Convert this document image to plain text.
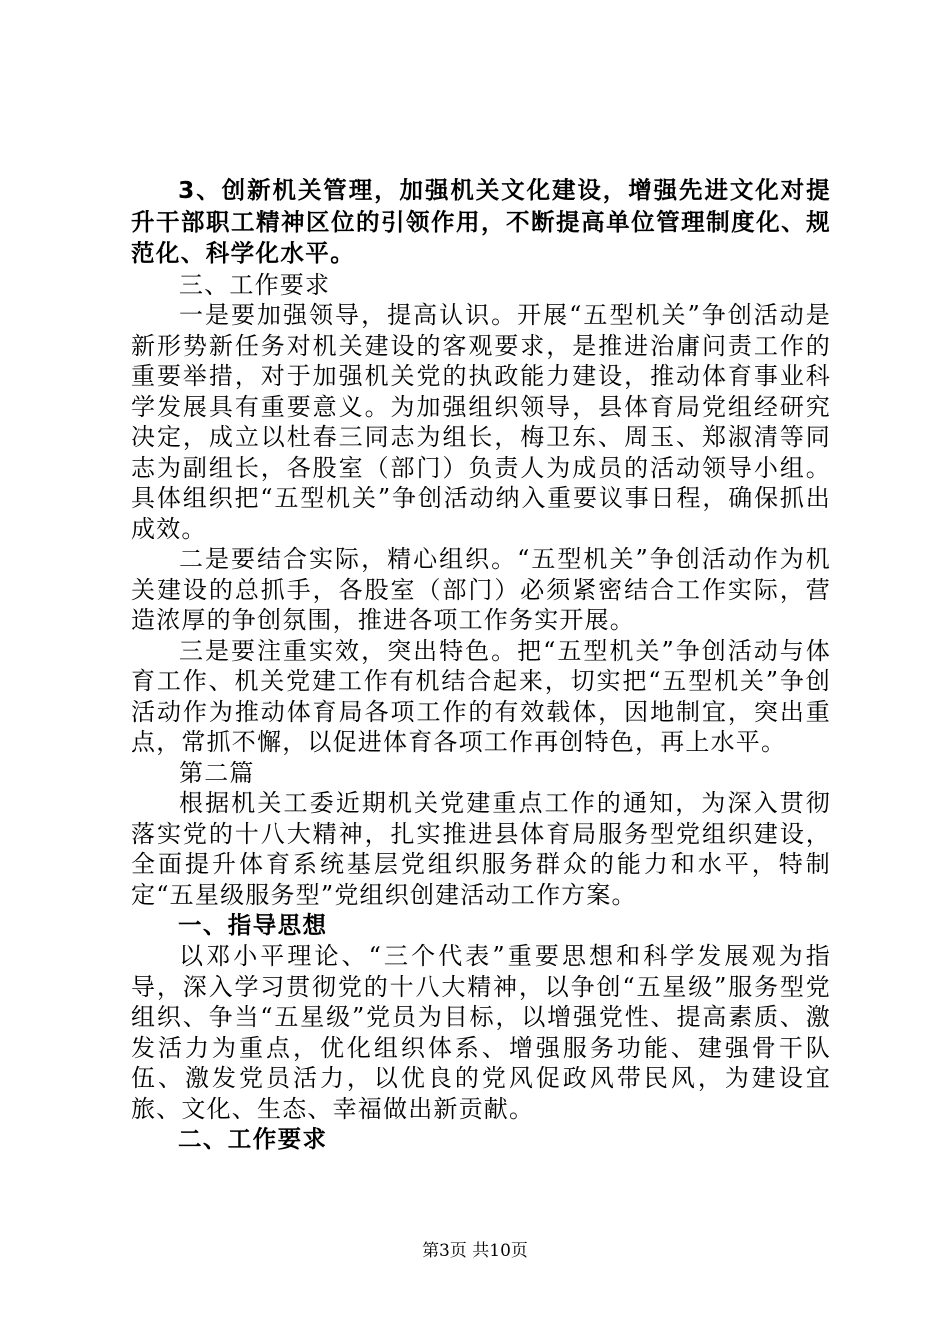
3、创新机关管理，加强机关文化建设，增强先进文化对提升干部职工精神区位的引领作用，不断提高单位管理制度化、规范化、科学化水平。

三、工作要求

一是要加强领导，提高认识。开展“五型机关”争创活动是新形势新任务对机关建设的客观要求，是推进治庸问责工作的重要举措，对于加强机关党的执政能力建设，推动体育事业科学发展具有重要意义。为加强组织领导，县体育局党组经研究决定，成立以杜春三同志为组长，梅卫东、周玉、郑淑清等同志为副组长，各股室（部门）负责人为成员的活动领导小组。具体组织把“五型机关”争创活动纳入重要议事日程，确保抓出成效。

二是要结合实际，精心组织。“五型机关”争创活动作为机关建设的总抓手，各股室（部门）必须紧密结合工作实际，营造浓厚的争创氛围，推进各项工作务实开展。

三是要注重实效，突出特色。把“五型机关”争创活动与体育工作、机关党建工作有机结合起来，切实把“五型机关”争创活动作为推动体育局各项工作的有效载体，因地制宜，突出重点，常抓不懈，以促进体育各项工作再创特色，再上水平。

第二篇

根据机关工委近期机关党建重点工作的通知，为深入贯彻落实党的十八大精神，扎实推进县体育局服务型党组织建设，全面提升体育系统基层党组织服务群众的能力和水平，特制定“五星级服务型”党组织创建活动工作方案。

一、指导思想

以邓小平理论、“三个代表”重要思想和科学发展观为指导，深入学习贯彻党的十八大精神，以争创“五星级”服务型党组织、争当“五星级”党员为目标，以增强党性、提高素质、激发活力为重点，优化组织体系、增强服务功能、建强骨干队伍、激发党员活力，以优良的党风促政风带民风，为建设宜旅、文化、生态、幸福做出新贡献。

二、工作要求

第3页 共10页
